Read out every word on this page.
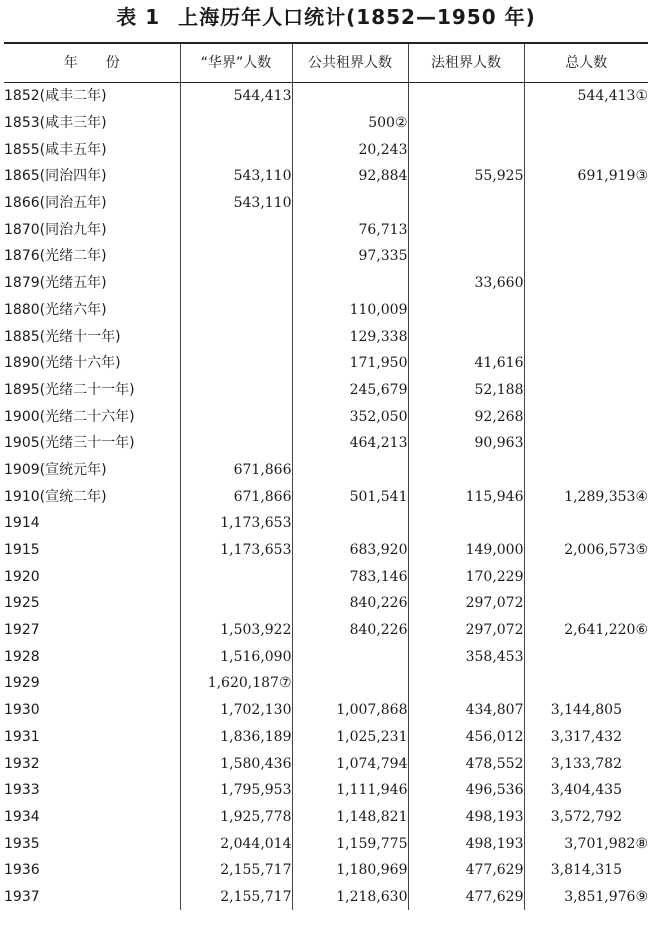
表 1 上海历年人口统计(1852—1950 年)
年　　份	“华界”人数	公共租界人数	法租界人数	总人数
1852(咸丰二年)	544,413			544,413①
1853(咸丰三年)		500②		
1855(咸丰五年)		20,243		
1865(同治四年)	543,110	92,884	55,925	691,919③
1866(同治五年)	543,110			
1870(同治九年)		76,713		
1876(光绪二年)		97,335		
1879(光绪五年)			33,660	
1880(光绪六年)		110,009		
1885(光绪十一年)		129,338		
1890(光绪十六年)		171,950	41,616	
1895(光绪二十一年)		245,679	52,188	
1900(光绪二十六年)		352,050	92,268	
1905(光绪三十一年)		464,213	90,963	
1909(宣统元年)	671,866			
1910(宣统二年)	671,866	501,541	115,946	1,289,353④
1914	1,173,653			
1915	1,173,653	683,920	149,000	2,006,573⑤
1920		783,146	170,229	
1925		840,226	297,072	
1927	1,503,922	840,226	297,072	2,641,220⑥
1928	1,516,090		358,453	
1929	1,620,187⑦			
1930	1,702,130	1,007,868	434,807	3,144,805
1931	1,836,189	1,025,231	456,012	3,317,432
1932	1,580,436	1,074,794	478,552	3,133,782
1933	1,795,953	1,111,946	496,536	3,404,435
1934	1,925,778	1,148,821	498,193	3,572,792
1935	2,044,014	1,159,775	498,193	3,701,982⑧
1936	2,155,717	1,180,969	477,629	3,814,315
1937	2,155,717	1,218,630	477,629	3,851,976⑨
